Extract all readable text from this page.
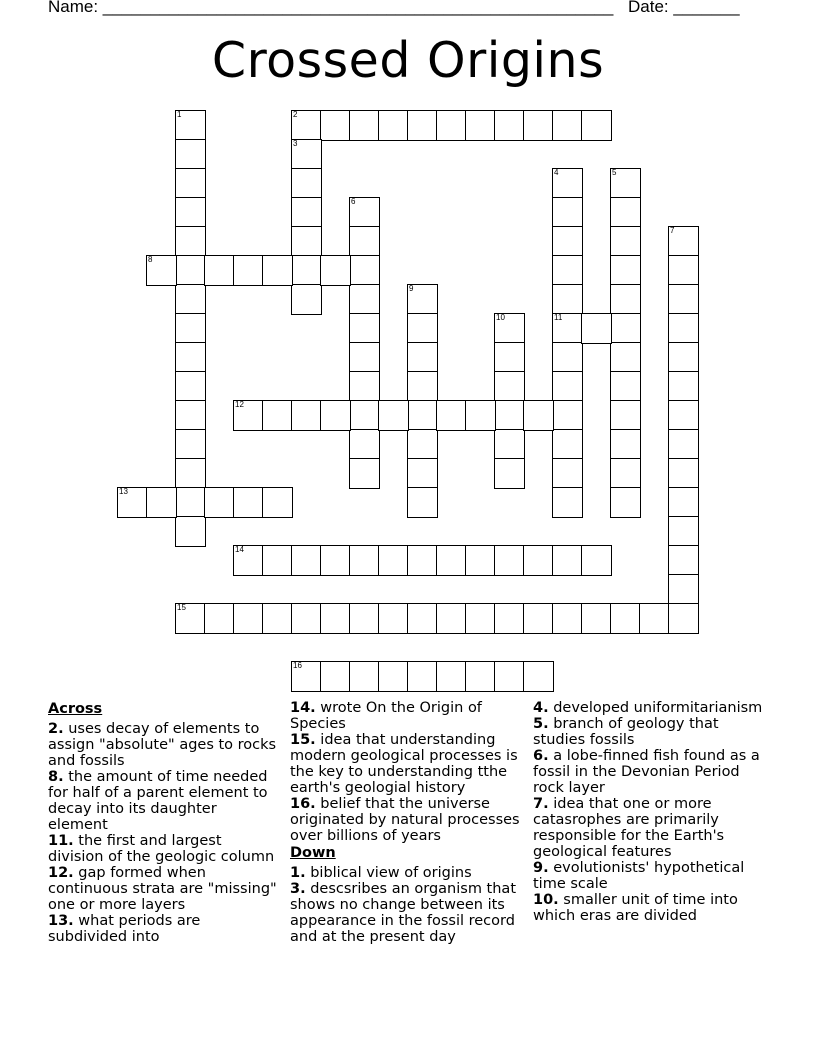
Name: ______________________________________________________ Date: _______
Crossed Origins
1	2
3
4
11
5
6
7
8
9
10
12
13
14
15
16
Across
2. uses decay of elements to assign "absolute" ages to rocks and fossils
8. the amount of time needed for half of a parent element to decay into its daughter element
11. the first and largest division of the geologic column
12. gap formed when continuous strata are "missing" one or more layers
13. what periods are subdivided into
14. wrote On the Origin of Species
15. idea that understanding modern geological processes is the key to understanding tthe earth's geologial history
16. belief that the universe originated by natural processes over billions of years
Down
1. biblical view of origins
3. descsribes an organism that shows no change between its appearance in the fossil record and at the present day
4. developed uniformitarianism
5. branch of geology that studies fossils
6. a lobe-finned fish found as a fossil in the Devonian Period rock layer
7. idea that one or more catasrophes are primarily responsible for the Earth's geological features
9. evolutionists' hypothetical time scale
10. smaller unit of time into which eras are divided
